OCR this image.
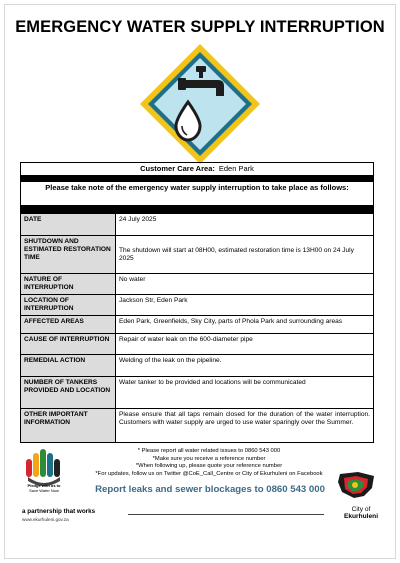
EMERGENCY WATER SUPPLY INTERRUPTION
Customer Care Area: Eden Park
Please take note of the emergency water supply interruption to take place as follows:
DATE	24 July 2025
SHUTDOWN AND ESTIMATED RESTORATION TIME	The shutdown will start at 08H00, estimated restoration time is 13H00 on 24 July 2025
NATURE OF INTERRUPTION	No water
LOCATION OF INTERRUPTION	Jackson Str, Eden Park
AFFECTED AREAS	Eden Park, Greenfields, Sky City, parts of Phola Park and surrounding areas
CAUSE OF INTERRUPTION	Repair of water leak on the 600-diameter pipe
REMEDIAL ACTION	Welding of the leak on the pipeline.
NUMBER OF TANKERS PROVIDED AND LOCATION	Water tanker to be provided and locations will be communicated
OTHER IMPORTANT INFORMATION	Please ensure that all taps remain closed for the duration of the water interruption. Customers with water supply are urged to use water sparingly over the Summer.
Pledge with us to
Save Water Now
* Please report all water related issues to 0860 543 000
*Make sure you receive a reference number
*When following up, please quote your reference number
*For updates, follow us on Twitter @CoE_Call_Centre or City of Ekurhuleni on Facebook
Report leaks and sewer blockages to 0860 543 000
City of
Ekurhuleni
a partnership that works
www.ekurhuleni.gov.za
